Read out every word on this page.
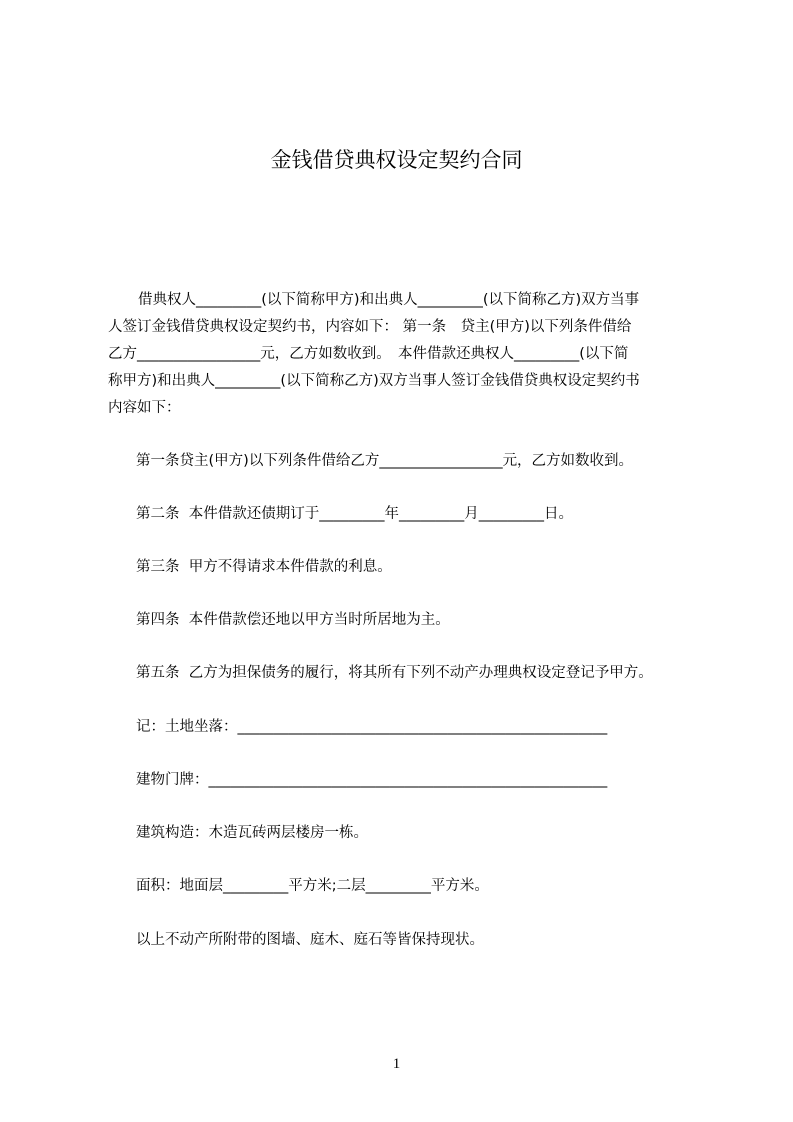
金钱借贷典权设定契约合同
借典权人_________(以下简称甲方)和出典人_________(以下简称乙方)双方当事
人签订金钱借贷典权设定契约书，内容如下： 第一条　贷主(甲方)以下列条件借给
乙方_________________元，乙方如数收到。　本件借款还典权人_________(以下简
称甲方)和出典人_________(以下简称乙方)双方当事人签订金钱借贷典权设定契约书
内容如下：
第一条贷主(甲方)以下列条件借给乙方_________________元，乙方如数收到。
第二条  本件借款还债期订于_________年_________月_________日。
第三条  甲方不得请求本件借款的利息。
第四条  本件借款偿还地以甲方当时所居地为主。
第五条  乙方为担保债务的履行，将其所有下列不动产办理典权设定登记予甲方。
记：土地坐落：___________________________________________________
建物门牌：_______________________________________________________
建筑构造：木造瓦砖两层楼房一栋。
面积：地面层_________平方米;二层_________平方米。
以上不动产所附带的图墙、庭木、庭石等皆保持现状。
1
